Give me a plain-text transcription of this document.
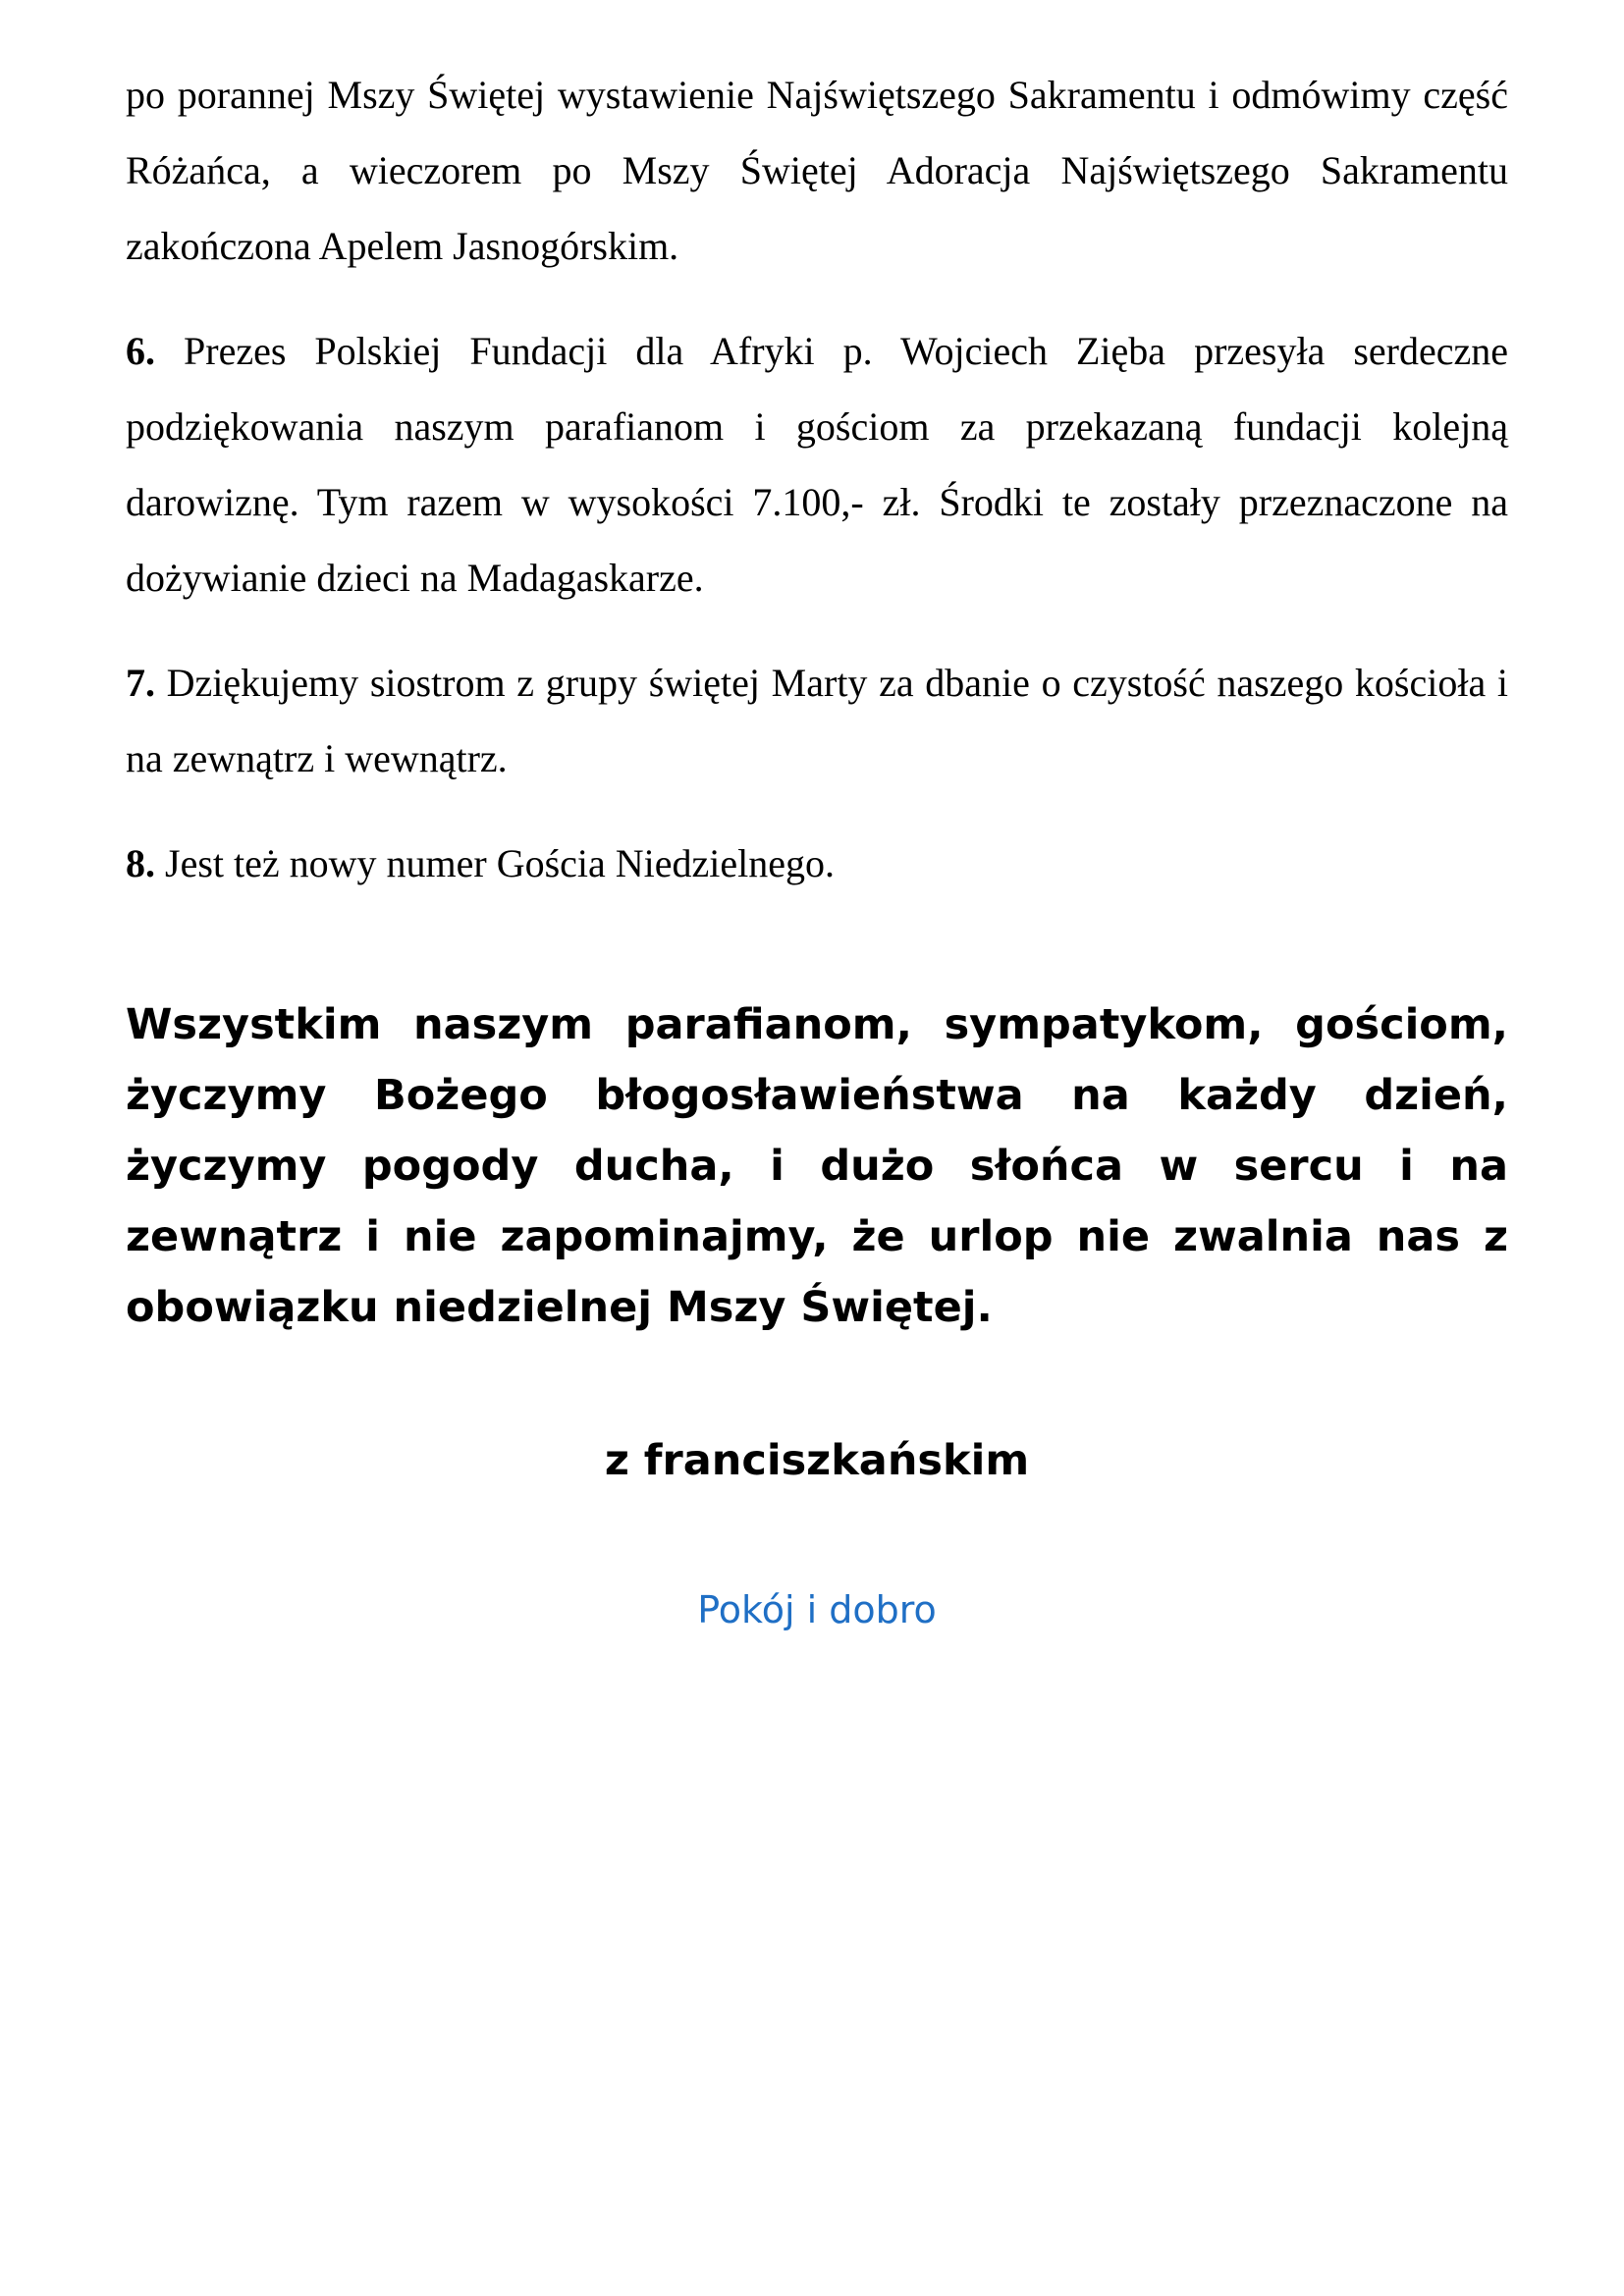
po porannej Mszy Świętej wystawienie Najświętszego Sakramentu i odmówimy część Różańca, a wieczorem po Mszy Świętej Adoracja Najświętszego Sakramentu zakończona Apelem Jasnogórskim.

6. Prezes Polskiej Fundacji dla Afryki p. Wojciech Zięba przesyła serdeczne podziękowania naszym parafianom i gościom za przekazaną fundacji kolejną darowiznę. Tym razem w wysokości 7.100,- zł. Środki te zostały przeznaczone na dożywianie dzieci na Madagaskarze.

7. Dziękujemy siostrom z grupy świętej Marty za dbanie o czystość naszego kościoła i na zewnątrz i wewnątrz.

8. Jest też nowy numer Gościa Niedzielnego.

Wszystkim naszym parafianom, sympatykom, gościom, życzymy Bożego błogosławieństwa na każdy dzień, życzymy pogody ducha, i dużo słońca w sercu i na zewnątrz i nie zapominajmy, że urlop nie zwalnia nas z obowiązku niedzielnej Mszy Świętej.

z franciszkańskim

Pokój i dobro
